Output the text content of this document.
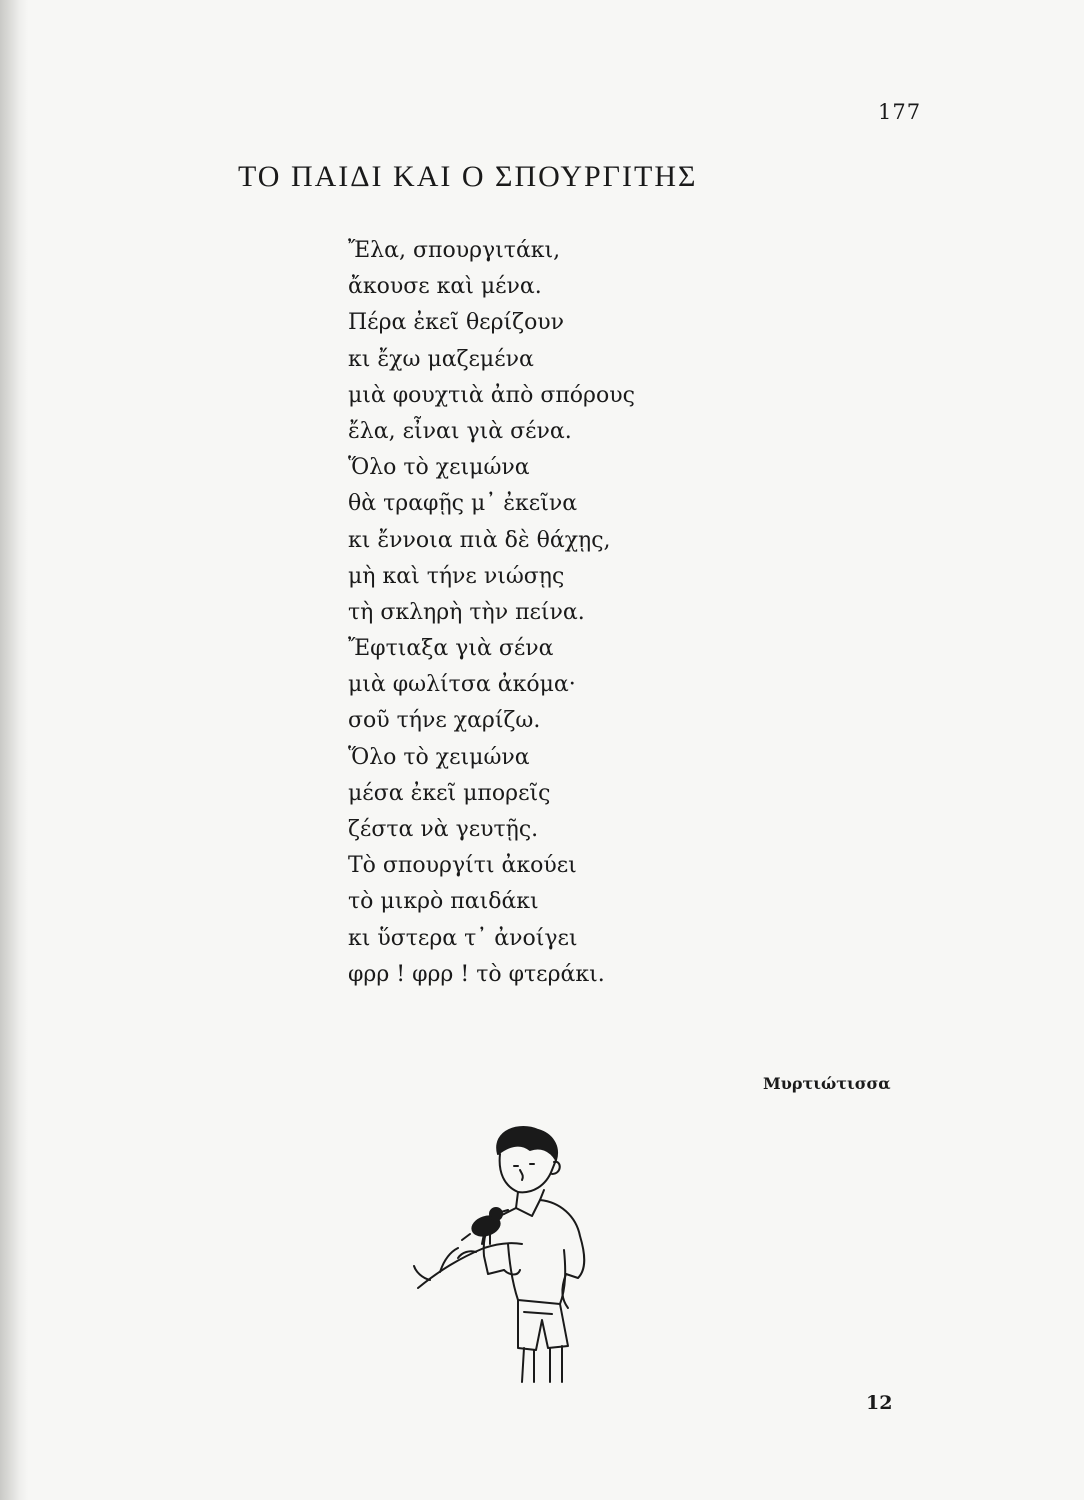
177
ΤΟ ΠΑΙΔΙ ΚΑΙ Ο ΣΠΟΥΡΓΙΤΗΣ
Ἔλα, σπουργιτάκι,
ἄκουσε καὶ μένα.
Πέρα ἐκεῖ θερίζουν
κι ἔχω μαζεμένα
μιὰ φουχτιὰ ἀπὸ σπόρους
ἔλα, εἶναι γιὰ σένα.
Ὅλο τὸ χειμώνα
θὰ τραφῇς μ᾽ ἐκεῖνα
κι ἔννοια πιὰ δὲ θάχῃς,
μὴ καὶ τήνε νιώσῃς
τὴ σκληρὴ τὴν πείνα.
Ἔφτιαξα γιὰ σένα
μιὰ φωλίτσα ἀκόμα·
σοῦ τήνε χαρίζω.
Ὅλο τὸ χειμώνα
μέσα ἐκεῖ μπορεῖς
ζέστα νὰ γευτῇς.
Τὸ σπουργίτι ἀκούει
τὸ μικρὸ παιδάκι
κι ὕστερα τ᾽ ἀνοίγει
φρρ ! φρρ ! τὸ φτεράκι.
Μυρτιώτισσα
12
